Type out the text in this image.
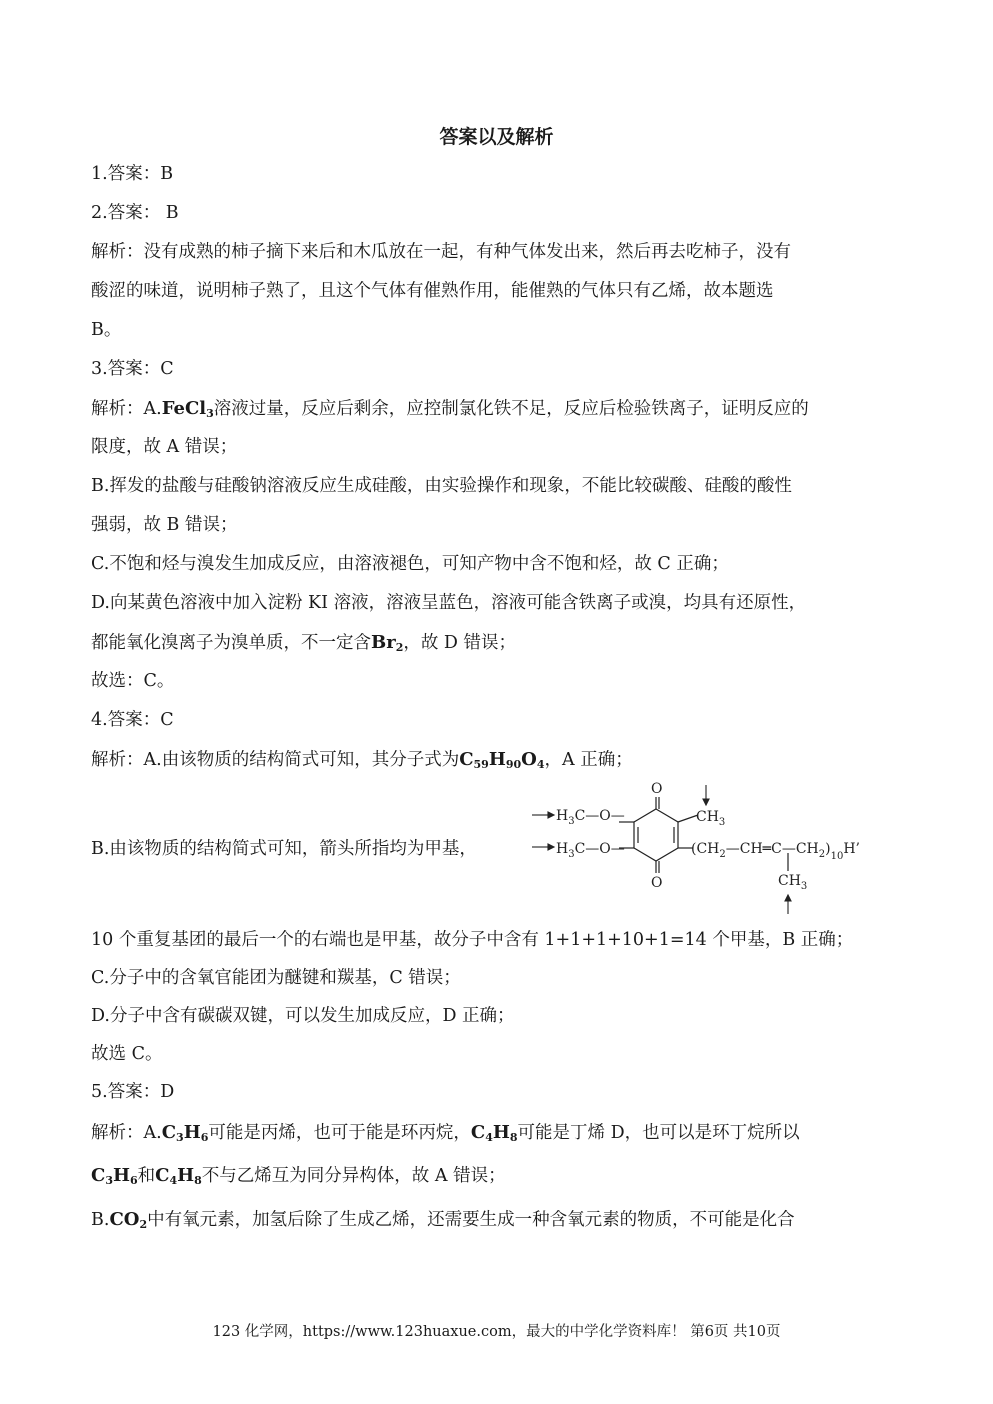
答案以及解析
1.答案：B
2.答案： B
解析：没有成熟的柿子摘下来后和木瓜放在一起，有种气体发出来，然后再去吃柿子，没有
酸涩的味道，说明柿子熟了，且这个气体有催熟作用，能催熟的气体只有乙烯，故本题选
B。
3.答案：C
解析：A.FeCl$_3$溶液过量，反应后剩余，应控制氯化铁不足，反应后检验铁离子，证明反应的
限度，故 A 错误；
B.挥发的盐酸与硅酸钠溶液反应生成硅酸，由实验操作和现象，不能比较碳酸、硅酸的酸性
强弱，故 B 错误；
C.不饱和烃与溴发生加成反应，由溶液褪色，可知产物中含不饱和烃，故 C 正确；
D.向某黄色溶液中加入淀粉 KI 溶液，溶液呈蓝色，溶液可能含铁离子或溴，均具有还原性，
都能氧化溴离子为溴单质，不一定含$Br_2$，故 D 错误；
故选：C。
4.答案：C
解析：A.由该物质的结构简式可知，其分子式为$C_{59}H_{90}O_4$，A 正确；
B.由该物质的结构简式可知，箭头所指均为甲基，
O
O
$H_3C—O—$
$H_3C—O—$
$CH_3$
$(CH_2—CH═C—CH_2)_{10}H$’
$CH_3$
10 个重复基团的最后一个的右端也是甲基，故分子中含有 1+1+1+10+1=14 个甲基，B 正确；
C.分子中的含氧官能团为醚键和羰基，C 错误；
D.分子中含有碳碳双键，可以发生加成反应，D 正确；
故选 C。
5.答案：D
解析：$A.C_3H_6$可能是丙烯，也可于能是环丙烷，$C_4H_8$可能是丁烯 D，也可以是环丁烷所以
$C_3H_6$和$C_4H_8$不与乙烯互为同分异构体，故 A 错误；
$B.CO_2$中有氧元素，加氢后除了生成乙烯，还需要生成一种含氧元素的物质，不可能是化合
123 化学网，https://www.123huaxue.com，最大的中学化学资料库！ 第6页 共10页
